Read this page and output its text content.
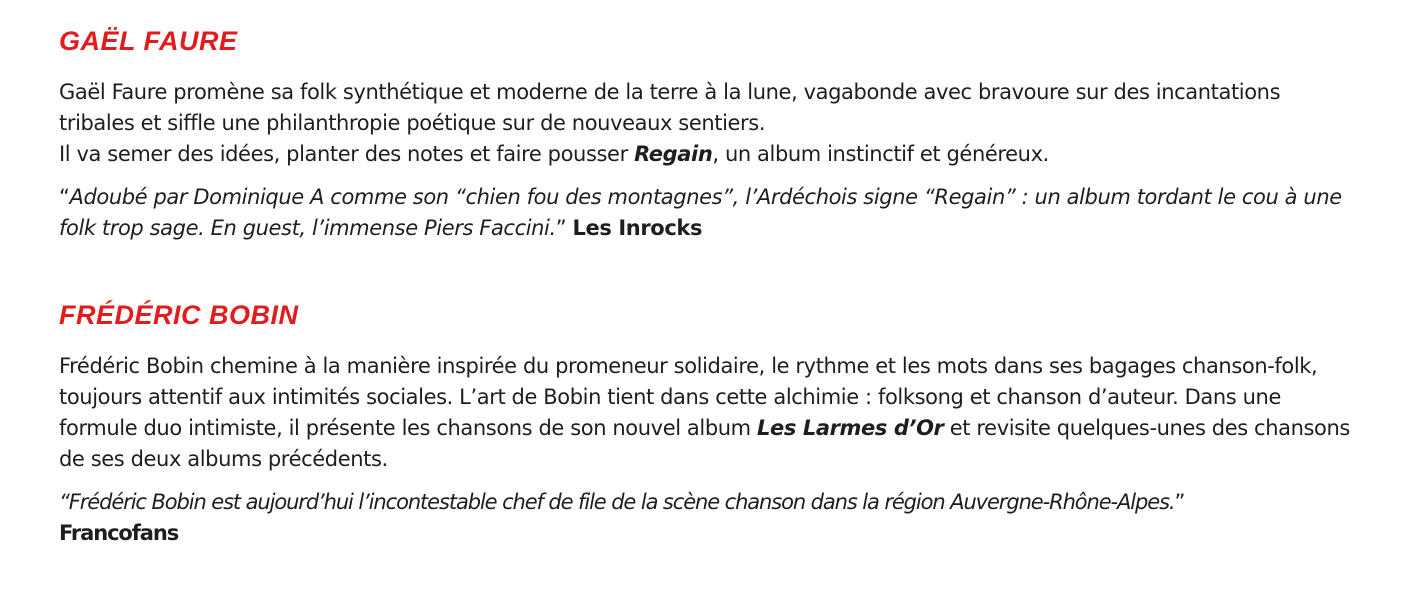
GAËL FAURE

Gaël Faure promène sa folk synthétique et moderne de la terre à la lune, vagabonde avec bravoure sur des incantations tribales et siffle une philanthropie poétique sur de nouveaux sentiers.
Il va semer des idées, planter des notes et faire pousser Regain, un album instinctif et généreux.

“Adoubé par Dominique A comme son “chien fou des montagnes”, l’Ardéchois signe “Regain” : un album tordant le cou à une folk trop sage. En guest, l’immense Piers Faccini.” Les Inrocks

FRÉDÉRIC BOBIN

Frédéric Bobin chemine à la manière inspirée du promeneur solidaire, le rythme et les mots dans ses bagages chanson-folk, toujours attentif aux intimités sociales. L’art de Bobin tient dans cette alchimie : folksong et chanson d’auteur. Dans une formule duo intimiste, il présente les chansons de son nouvel album Les Larmes d’Or et revisite quelques-unes des chansons de ses deux albums précédents.

“Frédéric Bobin est aujourd’hui l’incontestable chef de file de la scène chanson dans la région Auvergne-Rhône-Alpes.”
Francofans
